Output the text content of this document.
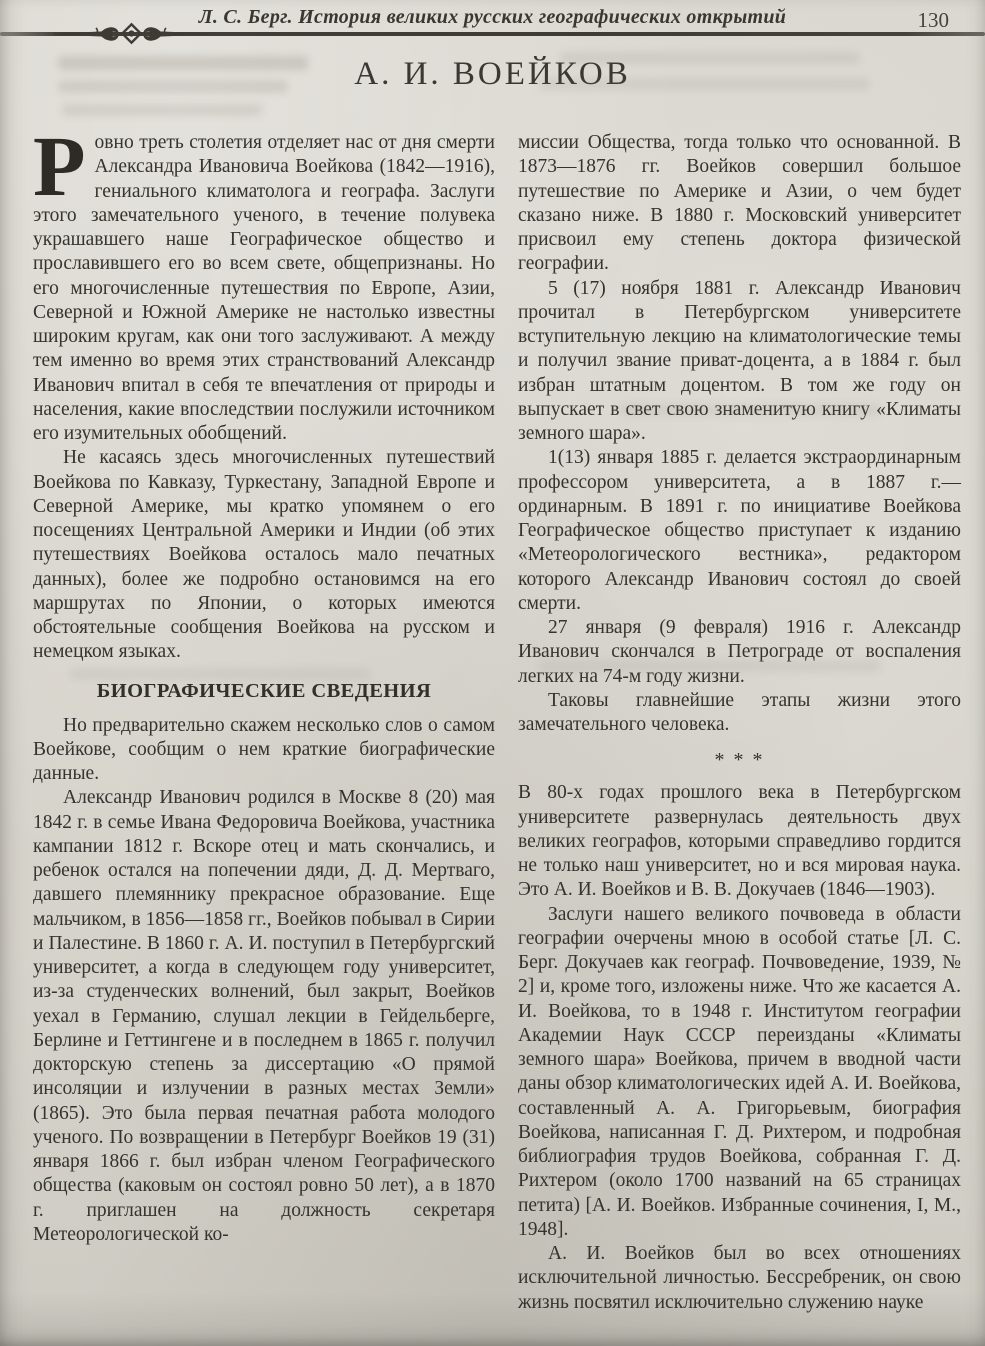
Л. С. Берг. История великих русских географических открытий	130
А. И. ВОЕЙКОВ

Ровно треть столетия отделяет нас от дня смерти Александра Ивановича Воейкова (1842—1916), гениального климатолога и географа. Заслуги этого замечательного ученого, в течение полувека украшавшего наше Географическое общество и прославившего его во всем свете, общепризнаны. Но его многочисленные путешествия по Европе, Азии, Северной и Южной Америке не настолько известны широким кругам, как они того заслуживают. А между тем именно во время этих странствований Александр Иванович впитал в себя те впечатления от природы и населения, какие впоследствии послужили источником его изумительных обобщений.

Не касаясь здесь многочисленных путешествий Воейкова по Кавказу, Туркестану, Западной Европе и Северной Америке, мы кратко упомянем о его посещениях Центральной Америки и Индии (об этих путешествиях Воейкова осталось мало печатных данных), более же подробно остановимся на его маршрутах по Японии, о которых имеются обстоятельные сообщения Воейкова на русском и немецком языках.

БИОГРАФИЧЕСКИЕ СВЕДЕНИЯ

Но предварительно скажем несколько слов о самом Воейкове, сообщим о нем краткие биографические данные.

Александр Иванович родился в Москве 8 (20) мая 1842 г. в семье Ивана Федоровича Воейкова, участника кампании 1812 г. Вскоре отец и мать скончались, и ребенок остался на попечении дяди, Д. Д. Мертваго, давшего племяннику прекрасное образование. Еще мальчиком, в 1856—1858 гг., Воейков побывал в Сирии и Палестине. В 1860 г. А. И. поступил в Петербургский университет, а когда в следующем году университет, из-за студенческих волнений, был закрыт, Воейков уехал в Германию, слушал лекции в Гейдельберге, Берлине и Геттингене и в последнем в 1865 г. получил докторскую степень за диссертацию «О прямой инсоляции и излучении в разных местах Земли» (1865). Это была первая печатная работа молодого ученого. По возвращении в Петербург Воейков 19 (31) января 1866 г. был избран членом Географического общества (каковым он состоял ровно 50 лет), а в 1870 г. приглашен на должность секретаря Метеорологической ко-

миссии Общества, тогда только что основанной. В 1873—1876 гг. Воейков совершил большое путешествие по Америке и Азии, о чем будет сказано ниже. В 1880 г. Московский университет присвоил ему степень доктора физической географии.

5 (17) ноября 1881 г. Александр Иванович прочитал в Петербургском университете вступительную лекцию на климатологические темы и получил звание приват-доцента, а в 1884 г. был избран штатным доцентом. В том же году он выпускает в свет свою знаменитую книгу «Климаты земного шара».

1(13) января 1885 г. делается экстраординарным профессором университета, а в 1887 г.— ординарным. В 1891 г. по инициативе Воейкова Географическое общество приступает к изданию «Метеорологического вестника», редактором которого Александр Иванович состоял до своей смерти.

27 января (9 февраля) 1916 г. Александр Иванович скончался в Петрограде от воспаления легких на 74-м году жизни.

Таковы главнейшие этапы жизни этого замечательного человека.

* * *

В 80-х годах прошлого века в Петербургском университете развернулась деятельность двух великих географов, которыми справедливо гордится не только наш университет, но и вся мировая наука. Это А. И. Воейков и В. В. Докучаев (1846—1903).

Заслуги нашего великого почвоведа в области географии очерчены мною в особой статье [Л. С. Берг. Докучаев как географ. Почвоведение, 1939, № 2] и, кроме того, изложены ниже. Что же касается А. И. Воейкова, то в 1948 г. Институтом географии Академии Наук СССР переизданы «Климаты земного шара» Воейкова, причем в вводной части даны обзор климатологических идей А. И. Воейкова, составленный А. А. Григорьевым, биография Воейкова, написанная Г. Д. Рихтером, и подробная библиография трудов Воейкова, собранная Г. Д. Рихтером (около 1700 названий на 65 страницах петита) [А. И. Воейков. Избранные сочинения, I, М., 1948].

А. И. Воейков был во всех отношениях исключительной личностью. Бессребреник, он свою жизнь посвятил исключительно служению науке
